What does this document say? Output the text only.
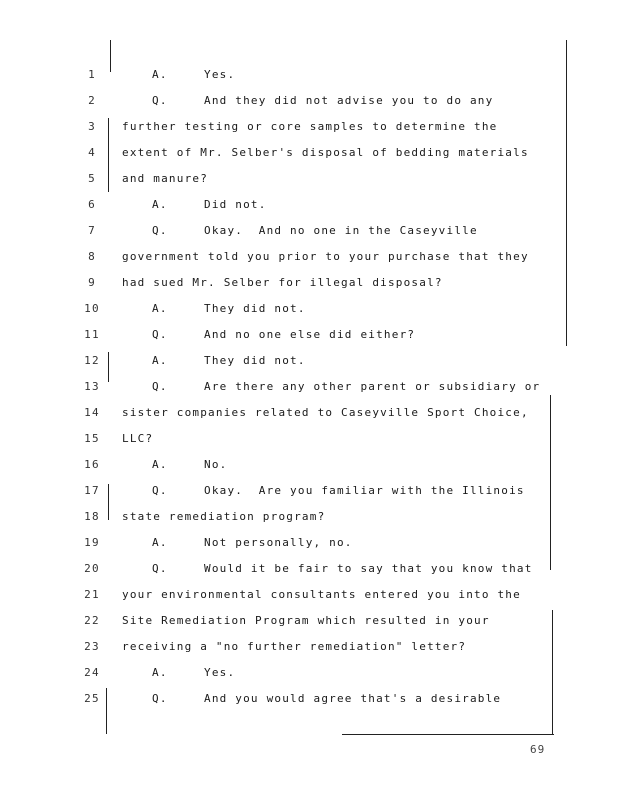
1	A.	Yes.
2	Q.	And they did not advise you to do any
3	further testing or core samples to determine the
4	extent of Mr. Selber's disposal of bedding materials
5	and manure?
6	A.	Did not.
7	Q.	Okay.  And no one in the Caseyville
8	government told you prior to your purchase that they
9	had sued Mr. Selber for illegal disposal?
10	A.	They did not.
11	Q.	And no one else did either?
12	A.	They did not.
13	Q.	Are there any other parent or subsidiary or
14	sister companies related to Caseyville Sport Choice,
15	LLC?
16	A.	No.
17	Q.	Okay.  Are you familiar with the Illinois
18	state remediation program?
19	A.	Not personally, no.
20	Q.	Would it be fair to say that you know that
21	your environmental consultants entered you into the
22	Site Remediation Program which resulted in your
23	receiving a "no further remediation" letter?
24	A.	Yes.
25	Q.	And you would agree that's a desirable
69
